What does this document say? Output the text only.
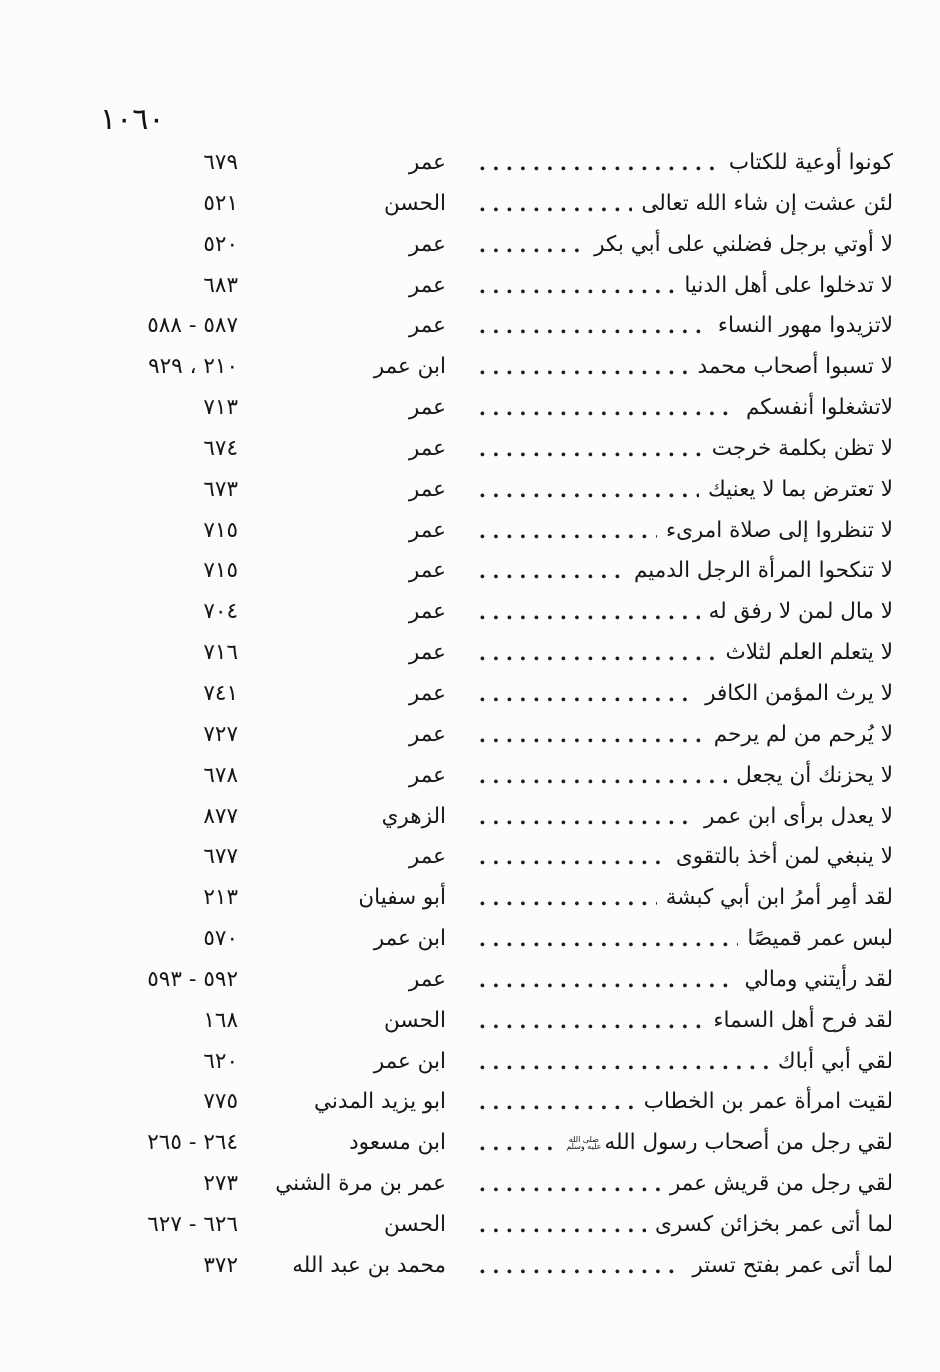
١٠٦٠
كونوا أوعية للكتاب
عمر
٦٧٩
لئن عشت إن شاء الله تعالى
الحسن
٥٢١
لا أوتي برجل فضلني على أبي بكر
عمر
٥٢٠
لا تدخلوا على أهل الدنيا
عمر
٦٨٣
لاتزيدوا مهور النساء
عمر
٥٨٧ - ٥٨٨
لا تسبوا أصحاب محمد
ابن عمر
٢١٠ ، ٩٢٩
لاتشغلوا أنفسكم
عمر
٧١٣
لا تظن بكلمة خرجت
عمر
٦٧٤
لا تعترض بما لا يعنيك
عمر
٦٧٣
لا تنظروا إلى صلاة امرىء
عمر
٧١٥
لا تنكحوا المرأة الرجل الدميم
عمر
٧١٥
لا مال لمن لا رفق له
عمر
٧٠٤
لا يتعلم العلم لثلاث
عمر
٧١٦
لا يرث المؤمن الكافر
عمر
٧٤١
لا يُرحم من لم يرحم
عمر
٧٢٧
لا يحزنك أن يجعل
عمر
٦٧٨
لا يعدل برأى ابن عمر
الزهري
٨٧٧
لا ينبغي لمن أخذ بالتقوى
عمر
٦٧٧
لقد أمِر أمرُ ابن أبي كبشة
أبو سفيان
٢١٣
لبس عمر قميصًا
ابن عمر
٥٧٠
لقد رأيتني ومالي
عمر
٥٩٢ - ٥٩٣
لقد فرح أهل السماء
الحسن
١٦٨
لقي أبي أباك
ابن عمر
٦٢٠
لقيت امرأة عمر بن الخطاب
ابو يزيد المدني
٧٧٥
لقي رجل من أصحاب رسول الله
صلى الله
عليه وسلم
ابن مسعود
٢٦٤ - ٢٦٥
لقي رجل من قريش عمر
عمر بن مرة الشني
٢٧٣
لما أتى عمر بخزائن كسرى
الحسن
٦٢٦ - ٦٢٧
لما أتى عمر بفتح تستر
محمد بن عبد الله
٣٧٢
